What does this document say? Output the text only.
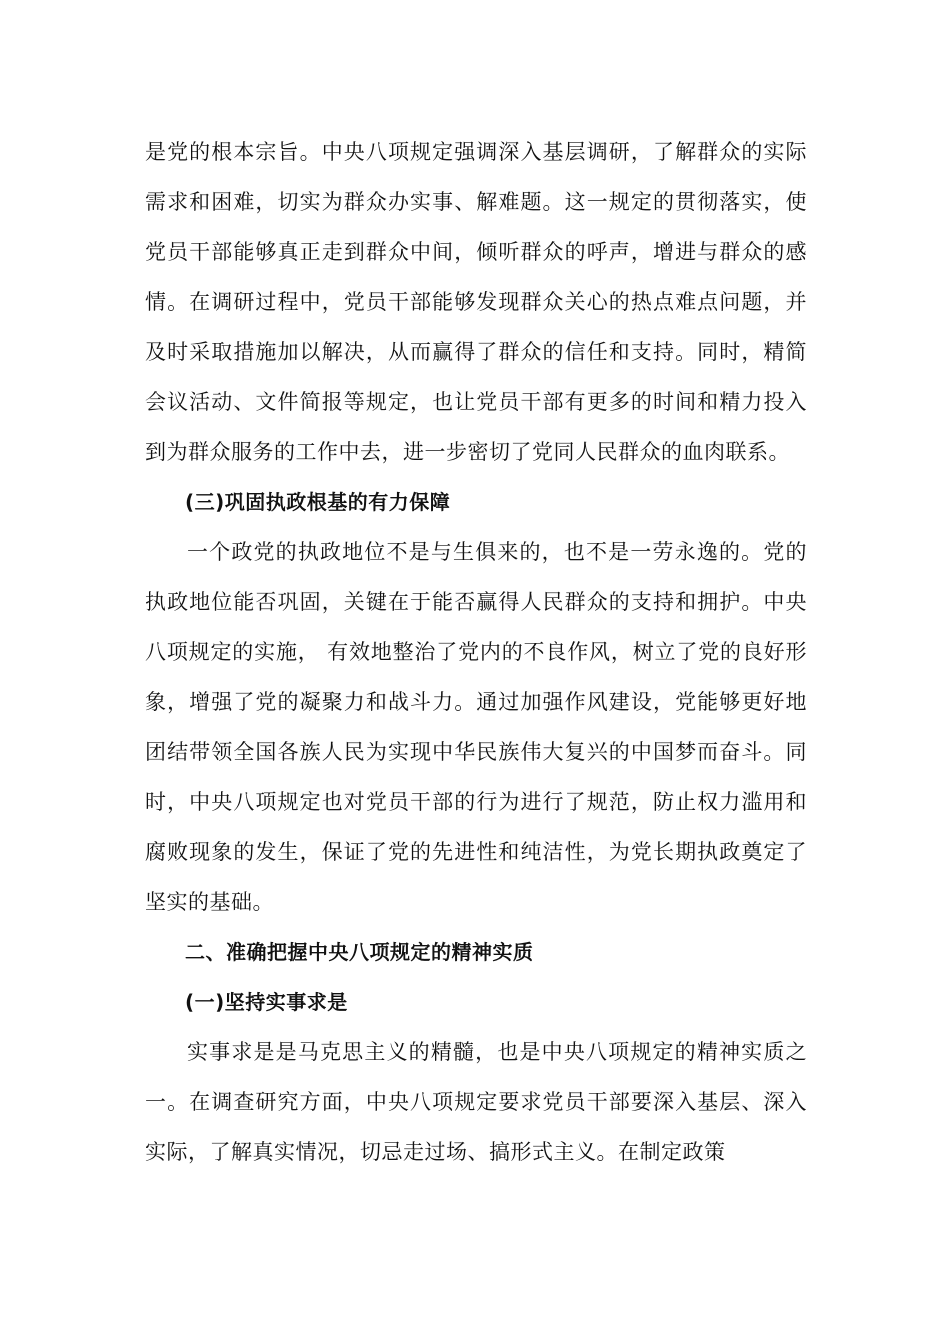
是党的根本宗旨。中央八项规定强调深入基层调研，了解群众的实际需求和困难，切实为群众办实事、解难题。这一规定的贯彻落实，使党员干部能够真正走到群众中间，倾听群众的呼声，增进与群众的感情。在调研过程中，党员干部能够发现群众关心的热点难点问题，并及时采取措施加以解决，从而赢得了群众的信任和支持。同时，精简会议活动、文件简报等规定，也让党员干部有更多的时间和精力投入到为群众服务的工作中去，进一步密切了党同人民群众的血肉联系。

(三)巩固执政根基的有力保障

一个政党的执政地位不是与生俱来的，也不是一劳永逸的。党的执政地位能否巩固，关键在于能否赢得人民群众的支持和拥护。中央八项规定的实施， 有效地整治了党内的不良作风，树立了党的良好形象，增强了党的凝聚力和战斗力。通过加强作风建设，党能够更好地团结带领全国各族人民为实现中华民族伟大复兴的中国梦而奋斗。同时，中央八项规定也对党员干部的行为进行了规范，防止权力滥用和腐败现象的发生，保证了党的先进性和纯洁性，为党长期执政奠定了坚实的基础。

二、准确把握中央八项规定的精神实质

(一)坚持实事求是

实事求是是马克思主义的精髓，也是中央八项规定的精神实质之一。在调查研究方面，中央八项规定要求党员干部要深入基层、深入实际，了解真实情况，切忌走过场、搞形式主义。在制定政策
